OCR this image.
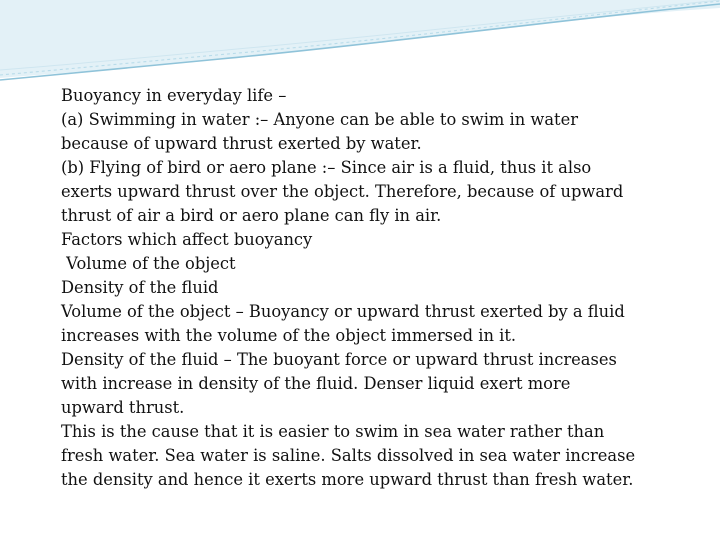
Buoyancy in everyday life –
(a) Swimming in water :– Anyone can be able to swim in water
because of upward thrust exerted by water.
(b) Flying of bird or aero plane :– Since air is a fluid, thus it also
exerts upward thrust over the object. Therefore, because of upward
thrust of air a bird or aero plane can fly in air.
Factors which affect buoyancy
Volume of the object
Density of the fluid
Volume of the object – Buoyancy or upward thrust exerted by a fluid
increases with the volume of the object immersed in it.
Density of the fluid – The buoyant force or upward thrust increases
with increase in density of the fluid. Denser liquid exert more
upward thrust.
This is the cause that it is easier to swim in sea water rather than
fresh water. Sea water is saline. Salts dissolved in sea water increase
the density and hence it exerts more upward thrust than fresh water.
